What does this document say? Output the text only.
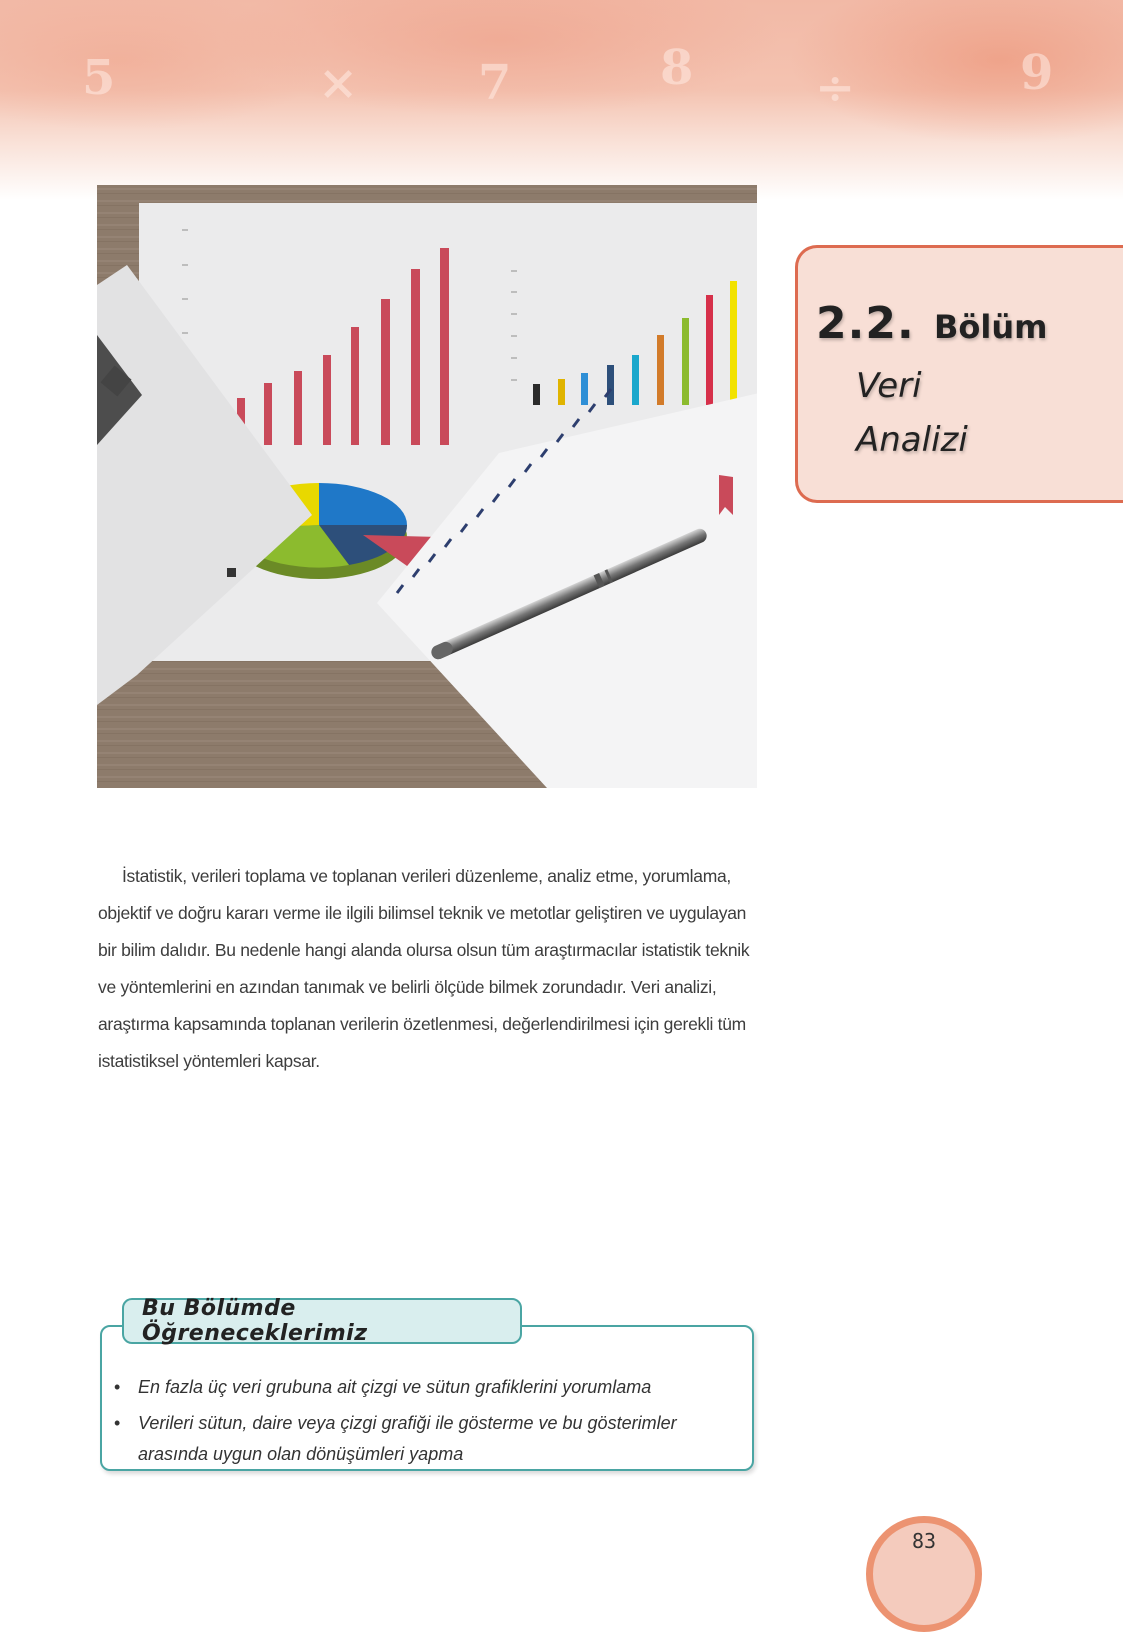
5	× 7	8	÷	9
2.2. Bölüm
Veri
Analizi

İstatistik, verileri toplama ve toplanan verileri düzenleme, analiz etme, yorumlama, objektif ve doğru kararı verme ile ilgili bilimsel teknik ve metotlar geliştiren ve uygulayan bir bilim dalıdır. Bu nedenle hangi alanda olursa olsun tüm araştırmacılar istatistik teknik ve yöntemlerini en azından tanımak ve belirli ölçüde bilmek zorundadır. Veri analizi, araştırma kapsamında toplanan verilerin özetlenmesi, değerlendirilmesi için gerekli tüm istatistiksel yöntemleri kapsar.

Bu Bölümde Öğreneceklerimiz
• En fazla üç veri grubuna ait çizgi ve sütun grafiklerini yorumlama
• Verileri sütun, daire veya çizgi grafiği ile gösterme ve bu gösterimler arasında uygun olan dönüşümleri yapma
83
